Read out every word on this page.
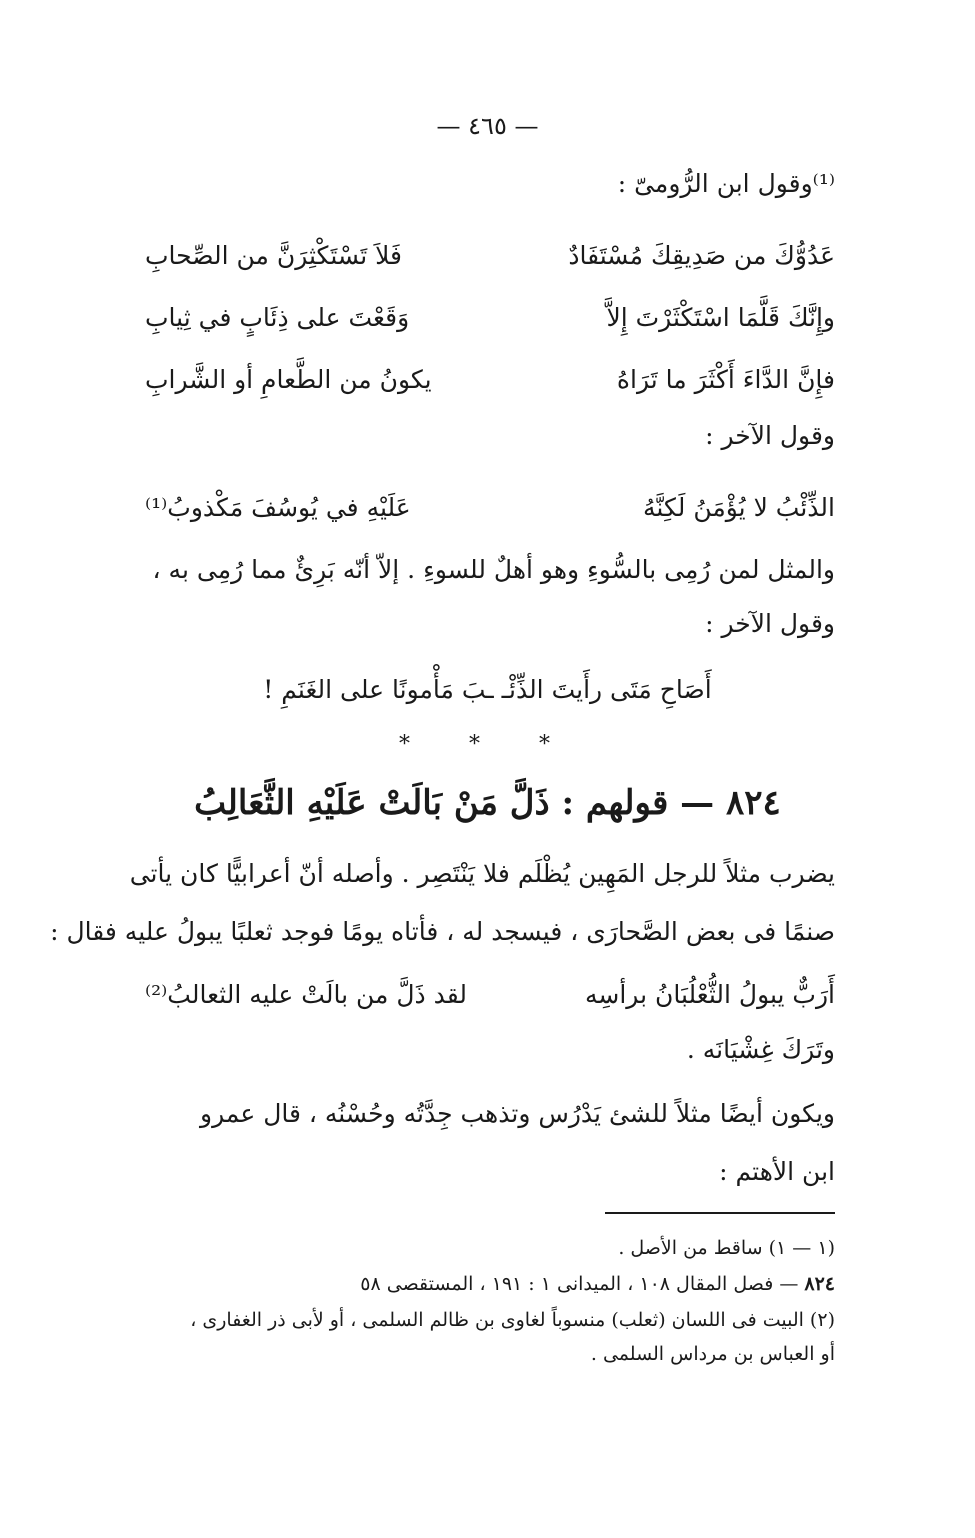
— ٤٦٥ —
⁽¹⁾وقول ابن الرُّومىّ :
عَدُوُّكَ من صَدِيقِكَ مُسْتَفَادٌ
فَلاَ تَسْتَكْثِرَنَّ من الصِّحابِ
وإِنَّكَ قَلَّمَا اسْتَكْثَرْتَ إِلاَّ
وَقَعْتَ على ذِئَابٍ في ثِيابِ
فإِنَّ الدَّاءَ أَكْثَرَ ما تَرَاهُ
يكونُ من الطَّعامِ أو الشَّرابِ
وقول الآخر :
الذِّئْبُ لا يُؤْمَنُ لَكِنَّهُ
عَلَيْهِ في يُوسُفَ مَكْذوبُ⁽¹⁾
والمثل لمن رُمِى بالسُّوءِ وهو أهلٌ للسوءِ . إلاّ أنّه بَرِئٌ مما رُمِى به ،
وقول الآخر :
أَصَاحِ مَتَى رأَيتَ الذِّئْـ ـبَ مَأْمونًا على الغَنَمِ !
* * *
٨٢٤ — قولهم : ذَلَّ مَنْ بَالَتْ عَلَيْهِ الثَّعَالِبُ
يضرب مثلاً للرجل المَهِين يُظْلَم فلا يَنْتَصِر . وأصله أنّ أعرابيًّا كان يأتى
صنمًا فى بعض الصَّحارَى ، فيسجد له ، فأتاه يومًا فوجد ثعلبًا يبولُ عليه فقال :
أَرَبٌّ يبولُ الثُّعْلُبَانُ برأسِه
لقد ذَلَّ من بالَتْ عليه الثعالبُ⁽²⁾
وتَرَكَ غِشْيَانَه .
ويكون أيضًا مثلاً للشئ يَدْرُس وتذهب جِدَّتُه وحُسْنُه ، قال عمرو
ابن الأهتم :
(١ — ١) ساقط من الأصل .
٨٢٤ — فصل المقال ١٠٨ ، الميدانى ١ : ١٩١ ، المستقصى ٥٨
(٢) البيت فى اللسان (ثعلب) منسوباً لغاوى بن ظالم السلمى ، أو لأبى ذر الغفارى ،
أو العباس بن مرداس السلمى .
